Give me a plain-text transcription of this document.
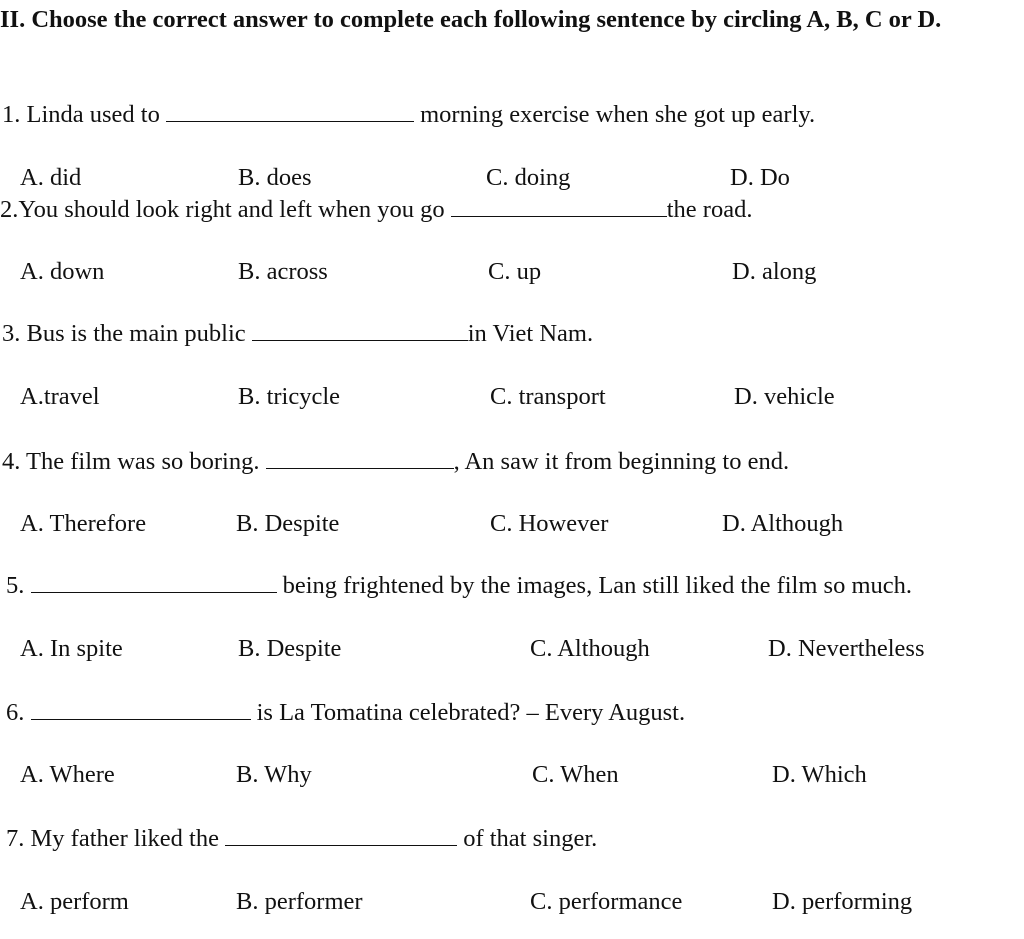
II. Choose the correct answer to complete each following sentence by circling A, B, C or D.
1. Linda used to	morning exercise when she got up early.
A. did	B. does	C. doing	D. Do
2.You should look right and left when you go	the road.
A. down	B. across	C. up	D. along
3. Bus is the main public	in Viet Nam.
A.travel	B. tricycle	C. transport	D. vehicle
4. The film was so boring.	, An saw it from beginning to end.
A. Therefore	B. Despite	C. However	D. Although
5.	being frightened by the images, Lan still liked the film so much.
A. In spite	B. Despite	C. Although	D. Nevertheless
6.	is La Tomatina celebrated? – Every August.
A. Where	B. Why	C. When	D. Which
7. My father liked the	of that singer.
A. perform	B. performer	C. performance	D. performing
